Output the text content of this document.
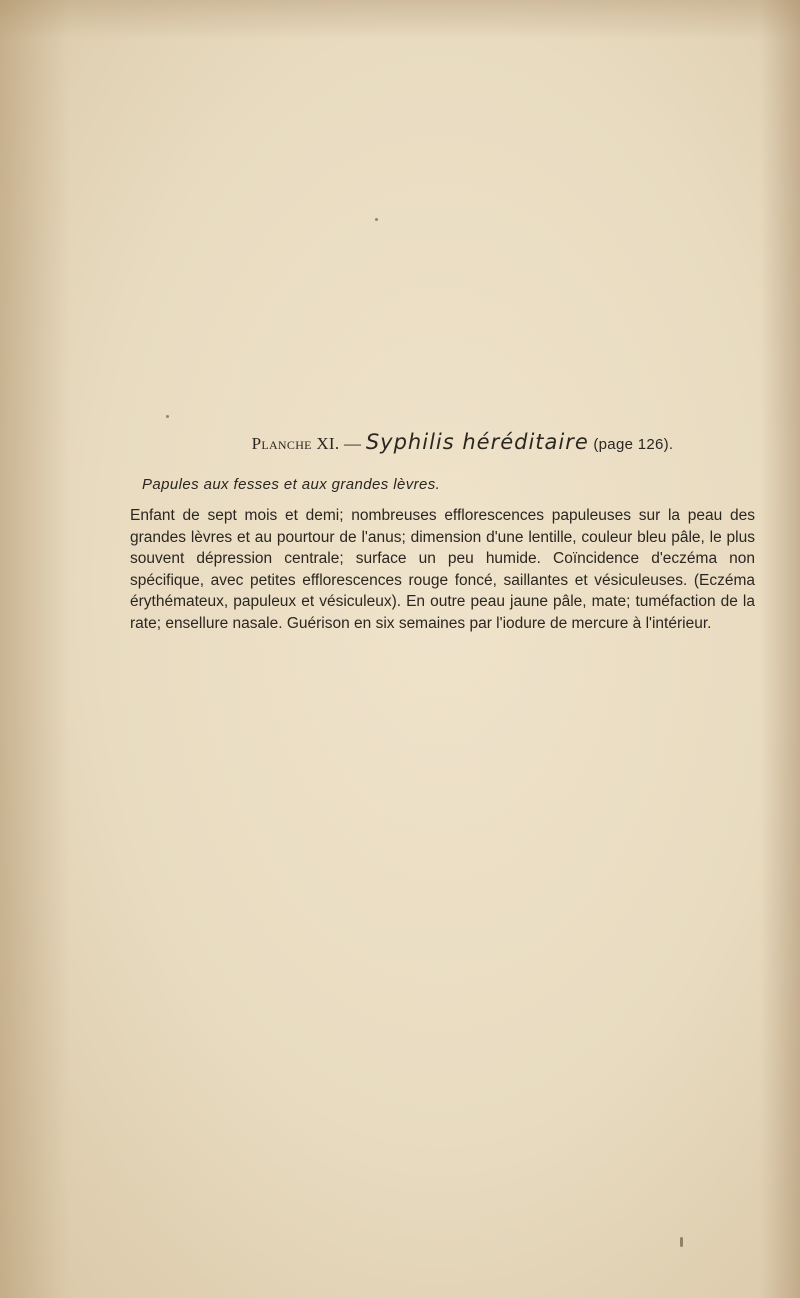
Planche XI. — Syphilis héréditaire (page 126).
Papules aux fesses et aux grandes lèvres.

Enfant de sept mois et demi; nombreuses efflorescences papuleuses sur la peau des grandes lèvres et au pourtour de l'anus; dimension d'une lentille, couleur bleu pâle, le plus souvent dépression centrale; surface un peu humide. Coïncidence d'eczéma non spécifique, avec petites efflorescences rouge foncé, saillantes et vésiculeuses. (Eczéma érythémateux, papuleux et vésiculeux). En outre peau jaune pâle, mate; tuméfaction de la rate; ensellure nasale. Guérison en six semaines par l'iodure de mercure à l'intérieur.
